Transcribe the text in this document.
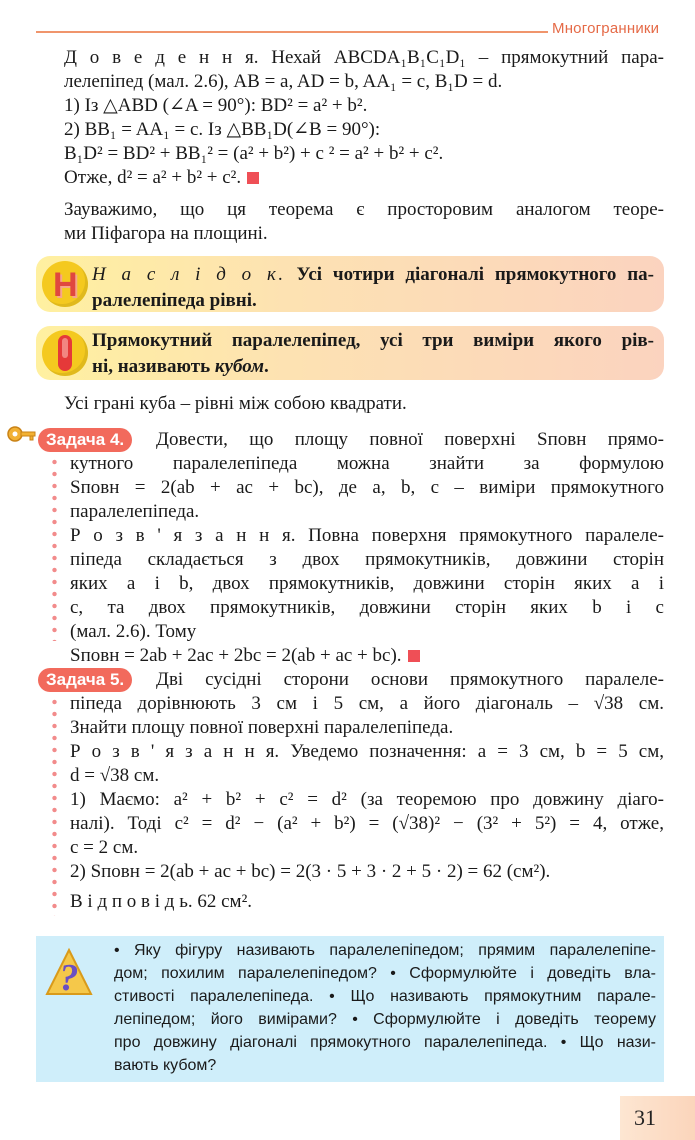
Многогранники
Д о в е д е н н я. Нехай ABCDA₁B₁C₁D₁ – прямокутний пара-
лелепіпед (мал. 2.6), AB = a, AD = b, AA₁ = c, B₁D = d.
1) Із △ABD (∠A = 90°): BD² = a² + b².
2) BB₁ = AA₁ = c. Із △BB₁D(∠B = 90°):
B₁D² = BD² + BB₁² = (a² + b²) + c ² = a² + b² + c².
Отже, d² = a² + b² + c².
Зауважимо, що ця теорема є просторовим аналогом теоре-
ми Піфагора на площині.
Н Н а с л і д о к. Усі чотири діагоналі прямокутного па-
ралелепіпеда рівні.
Прямокутний паралелепіпед, усі три виміри якого рів-
ні, називають кубом.
Усі грані куба – рівні між собою квадрати.
Задача 4.	Довести, що площу повної поверхні Sповн прямо-
кутного паралелепіпеда можна знайти за формулою
Sповн = 2(ab + ac + bc), де a, b, c – виміри прямокутного
паралелепіпеда.
Р о з в ' я з а н н я. Повна поверхня прямокутного паралеле-
піпеда складається з двох прямокутників, довжини сторін
яких a і b, двох прямокутників, довжини сторін яких a і
c, та двох прямокутників, довжини сторін яких b і c
(мал. 2.6). Тому
Sповн = 2ab + 2ac + 2bc = 2(ab + ac + bc).
Задача 5.	Дві сусідні сторони основи прямокутного паралеле-
піпеда дорівнюють 3 см і 5 см, а його діагональ – √38 см.
Знайти площу повної поверхні паралелепіпеда.
Р о з в ' я з а н н я. Уведемо позначення: a = 3 см, b = 5 см,
d = √38 см.
1) Маємо: a² + b² + c² = d² (за теоремою про довжину діаго-
налі). Тоді c² = d² − (a² + b²) = (√38)² − (3² + 5²) = 4, отже,
c = 2 см.
2) Sповн = 2(ab + ac + bc) = 2(3 · 5 + 3 · 2 + 5 · 2) = 62 (см²).
В і д п о в і д ь. 62 см².
?
• Яку фігуру називають паралелепіпедом; прямим паралелепіпе-
дом; похилим паралелепіпедом? • Сформулюйте і доведіть вла-
стивості паралелепіпеда. • Що називають прямокутним парале-
лепіпедом; його вимірами? • Сформулюйте і доведіть теорему
про довжину діагоналі прямокутного паралелепіпеда. • Що нази-
вають кубом?
31
